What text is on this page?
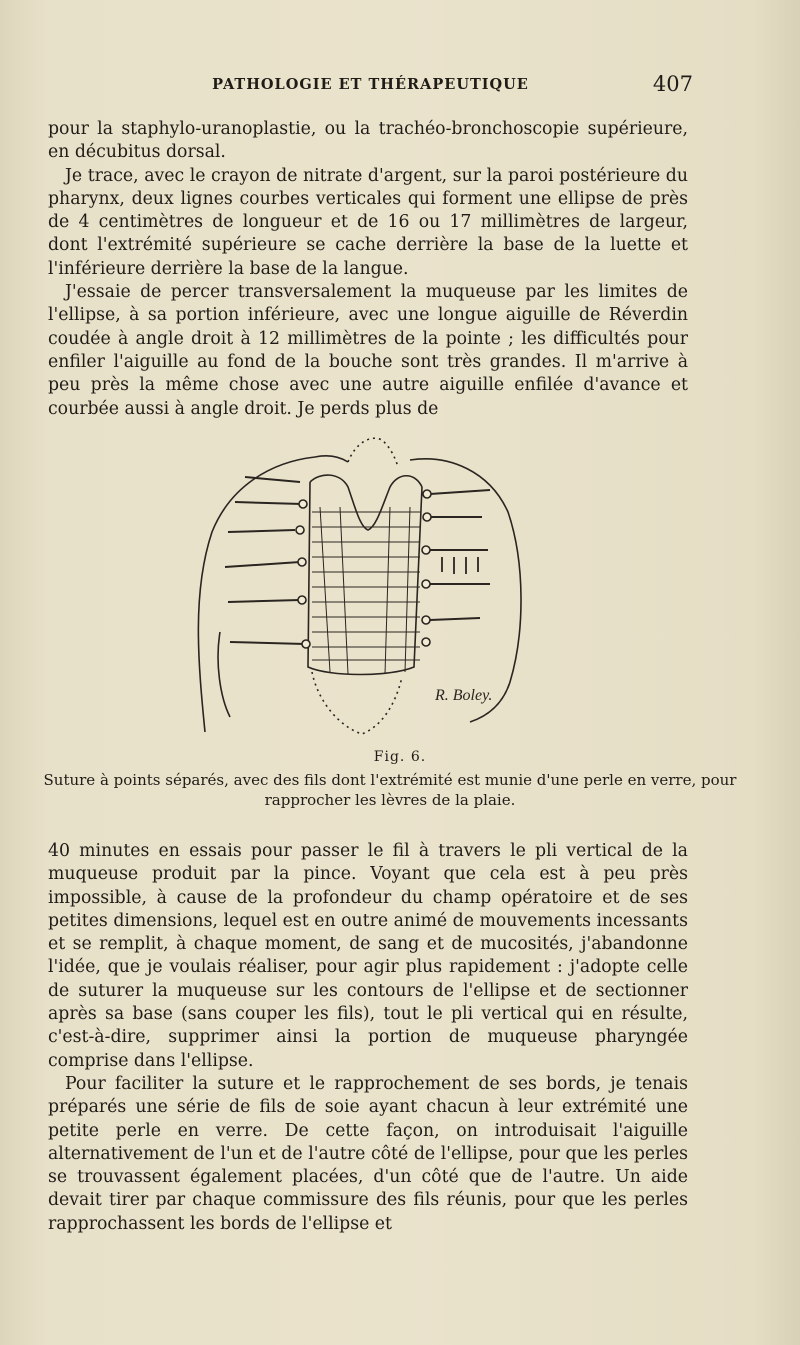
PATHOLOGIE ET THÉRAPEUTIQUE	407

pour la staphylo-uranoplastie, ou la trachéo-bronchoscopie supérieure, en décubitus dorsal.

Je trace, avec le crayon de nitrate d'argent, sur la paroi postérieure du pharynx, deux lignes courbes verticales qui forment une ellipse de près de 4 centimètres de longueur et de 16 ou 17 millimètres de largeur, dont l'extrémité supérieure se cache derrière la base de la luette et l'inférieure derrière la base de la langue.

J'essaie de percer transversalement la muqueuse par les limites de l'ellipse, à sa portion inférieure, avec une longue aiguille de Réverdin coudée à angle droit à 12 millimètres de la pointe ; les difficultés pour enfiler l'aiguille au fond de la bouche sont très grandes. Il m'arrive à peu près la même chose avec une autre aiguille enfilée d'avance et courbée aussi à angle droit. Je perds plus de

R. Boley.
Fig. 6.
Suture à points séparés, avec des fils dont l'extrémité est munie d'une perle en verre, pour rapprocher les lèvres de la plaie.

40 minutes en essais pour passer le fil à travers le pli vertical de la muqueuse produit par la pince. Voyant que cela est à peu près impossible, à cause de la profondeur du champ opératoire et de ses petites dimensions, lequel est en outre animé de mouvements incessants et se remplit, à chaque moment, de sang et de mucosités, j'abandonne l'idée, que je voulais réaliser, pour agir plus rapidement : j'adopte celle de suturer la muqueuse sur les contours de l'ellipse et de sectionner après sa base (sans couper les fils), tout le pli vertical qui en résulte, c'est-à-dire, supprimer ainsi la portion de muqueuse pharyngée comprise dans l'ellipse.

Pour faciliter la suture et le rapprochement de ses bords, je tenais préparés une série de fils de soie ayant chacun à leur extrémité une petite perle en verre. De cette façon, on introduisait l'aiguille alternativement de l'un et de l'autre côté de l'ellipse, pour que les perles se trouvassent également placées, d'un côté que de l'autre. Un aide devait tirer par chaque commissure des fils réunis, pour que les perles rapprochassent les bords de l'ellipse et
